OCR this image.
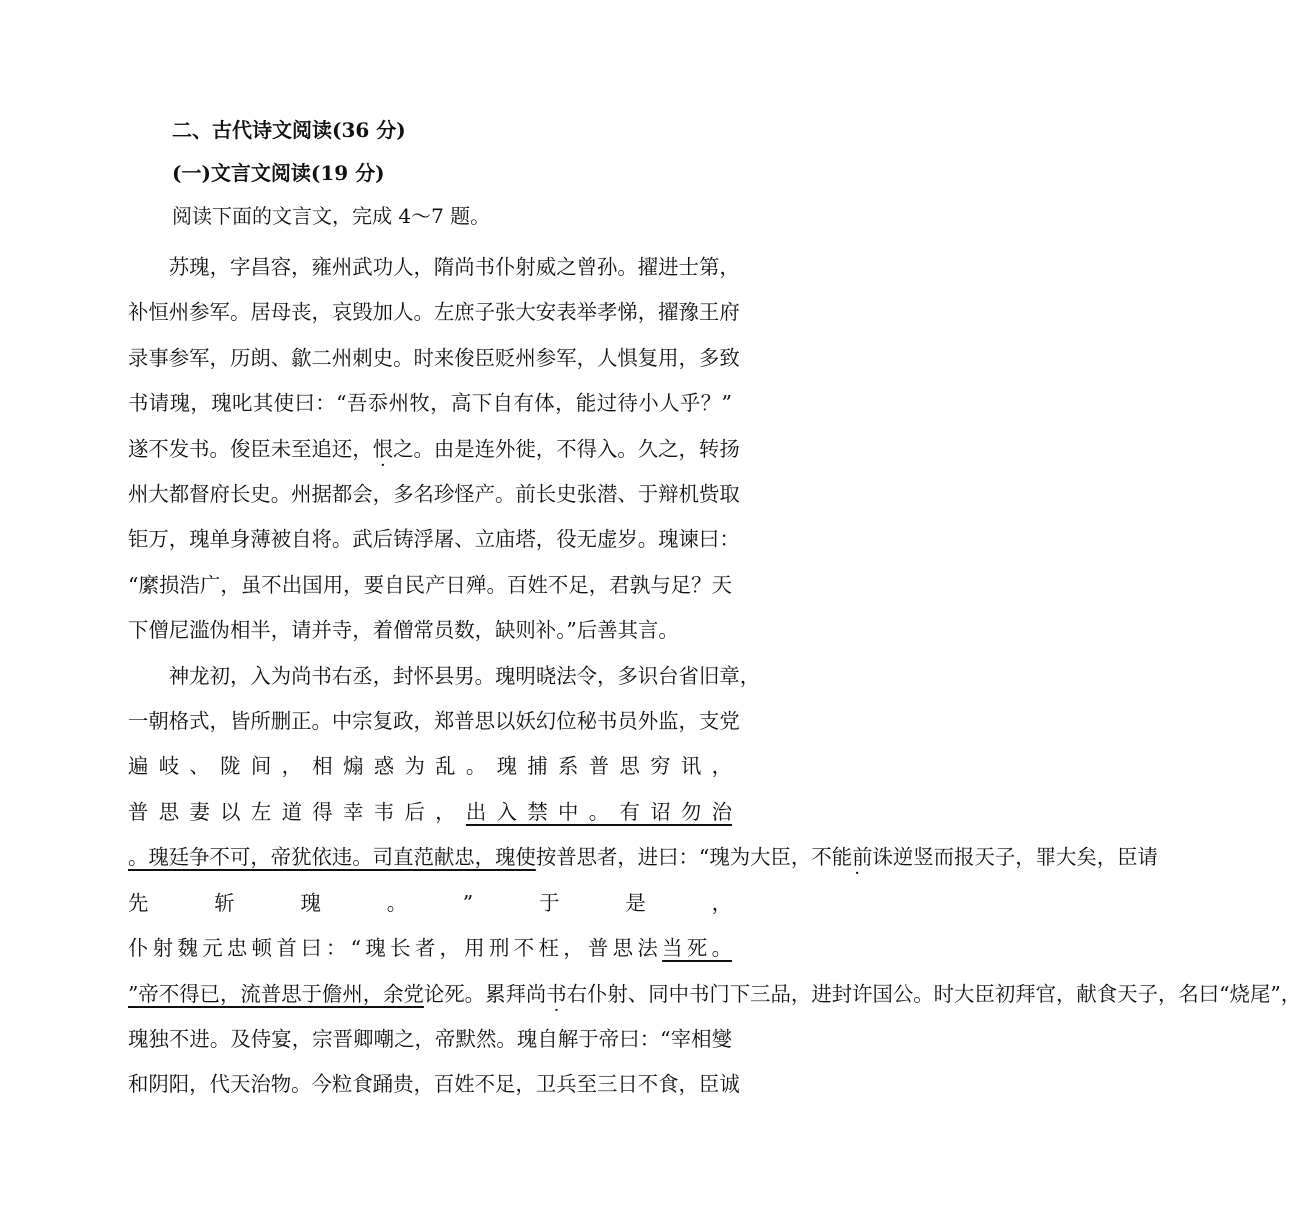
二、古代诗文阅读(36 分)

(一)文言文阅读(19 分)

阅读下面的文言文，完成 4～7 题。

苏瑰，字昌容，雍州武功人，隋尚书仆射威之曾孙。擢进士第，
补恒州参军。居母丧，哀毁加人。左庶子张大安表举孝悌，擢豫王府
录事参军，历朗、歙二州刺史。时来俊臣贬州参军，人惧复用，多致
书请瑰，瑰叱其使曰：“吾忝州牧，高下自有体，能过待小人乎？”
遂不发书。俊臣未至追还，恨之。由是连外徙，不得入。久之，转扬
州大都督府长史。州据都会，多名珍怪产。前长史张潜、于辩机赀取
钜万，瑰单身薄被自将。武后铸浮屠、立庙塔，役无虚岁。瑰谏曰：
“縻损浩广，虽不出国用，要自民产日殚。百姓不足，君孰与足？天
下僧尼滥伪相半，请并寺，着僧常员数，缺则补。”后善其言。
神龙初，入为尚书右丞，封怀县男。瑰明晓法令，多识台省旧章，
一朝格式，皆所删正。中宗复政，郑普思以妖幻位秘书员外监，支党
遍岐、陇间，相煽惑为乱。瑰捕系普思穷讯，
普思妻以左道得幸韦后，出入禁中。有诏勿治
。瑰廷争不可，帝犹依违。司直范献忠，瑰使按普思者，进曰：“瑰为大臣，不能前诛逆竖而报天子，罪大矣，臣请 ·
先斩瑰。”于是，
仆射魏元忠顿首曰：“瑰长者，用刑不枉，普思法当死。
”帝不得已，流普思于儋州，余党论死。累拜尚书右仆射、同 ·中书门下三品，进封许国公。时大臣初拜官，献食天子，名曰“烧尾”，
瑰独不进。及侍宴，宗晋卿嘲之，帝默然。瑰自解于帝曰：“宰相燮
和阴阳，代天治物。今粒食踊贵，百姓不足，卫兵至三日不食，臣诚
